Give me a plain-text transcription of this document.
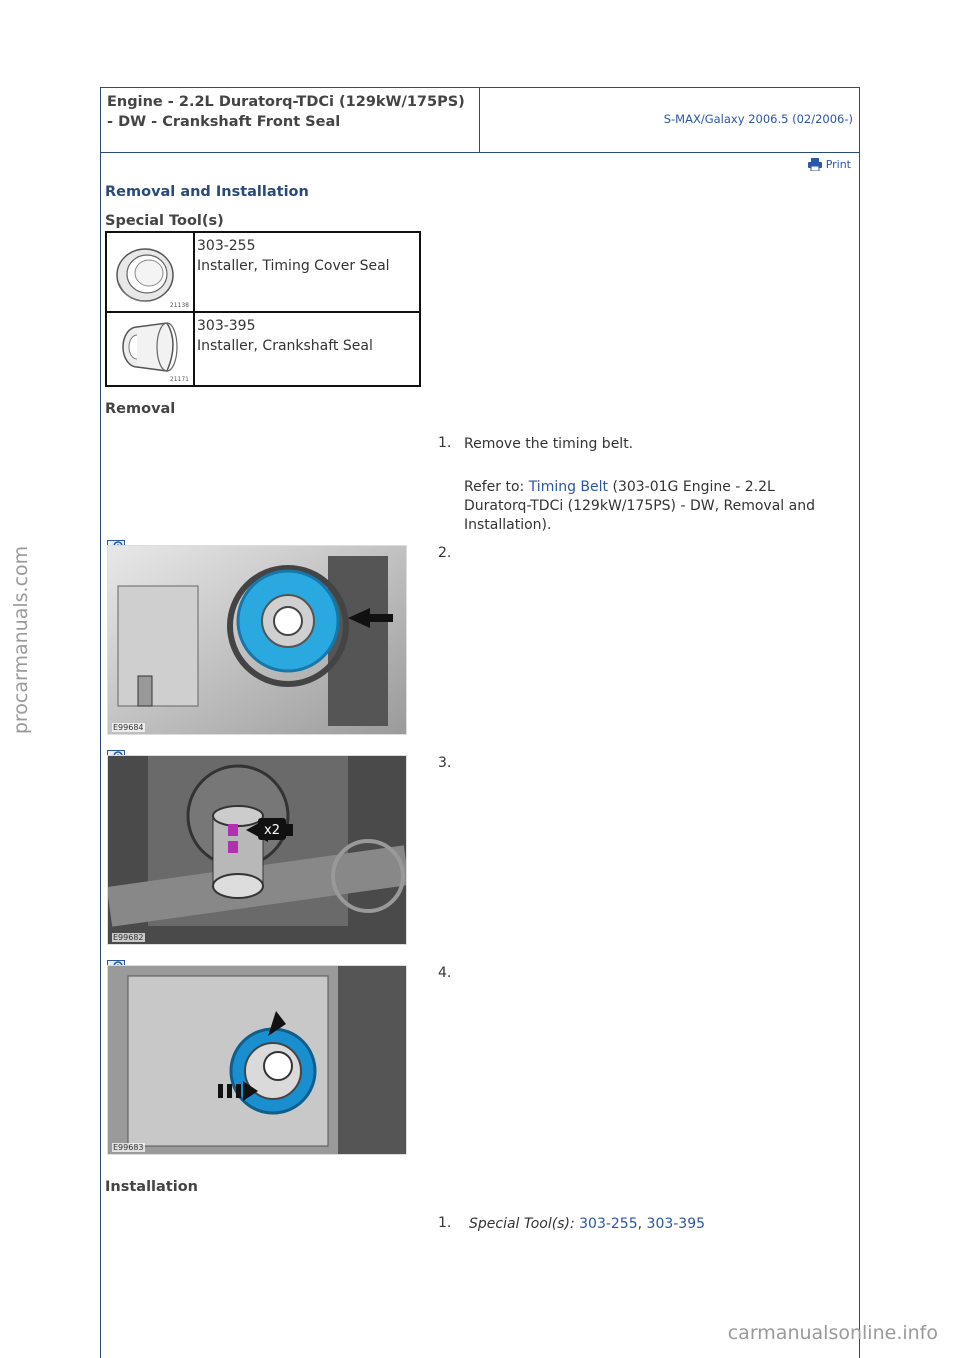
procarmanuals.com
Engine - 2.2L Duratorq-TDCi (129kW/175PS) - DW - Crankshaft Front Seal	S-MAX/Galaxy 2006.5 (02/2006-)
Print
Removal and Installation
Special Tool(s)
21138
303-255
Installer, Timing Cover Seal
21171
303-395
Installer, Crankshaft Seal
Removal
1. Remove the timing belt.
Refer to: Timing Belt (303-01G Engine - 2.2L Duratorq-TDCi (129kW/175PS) - DW, Removal and Installation).
E99684
2.
x2
E99682
3.
E99683
4.
Installation
1. Special Tool(s): 303-255, 303-395
carmanualsonline.info
